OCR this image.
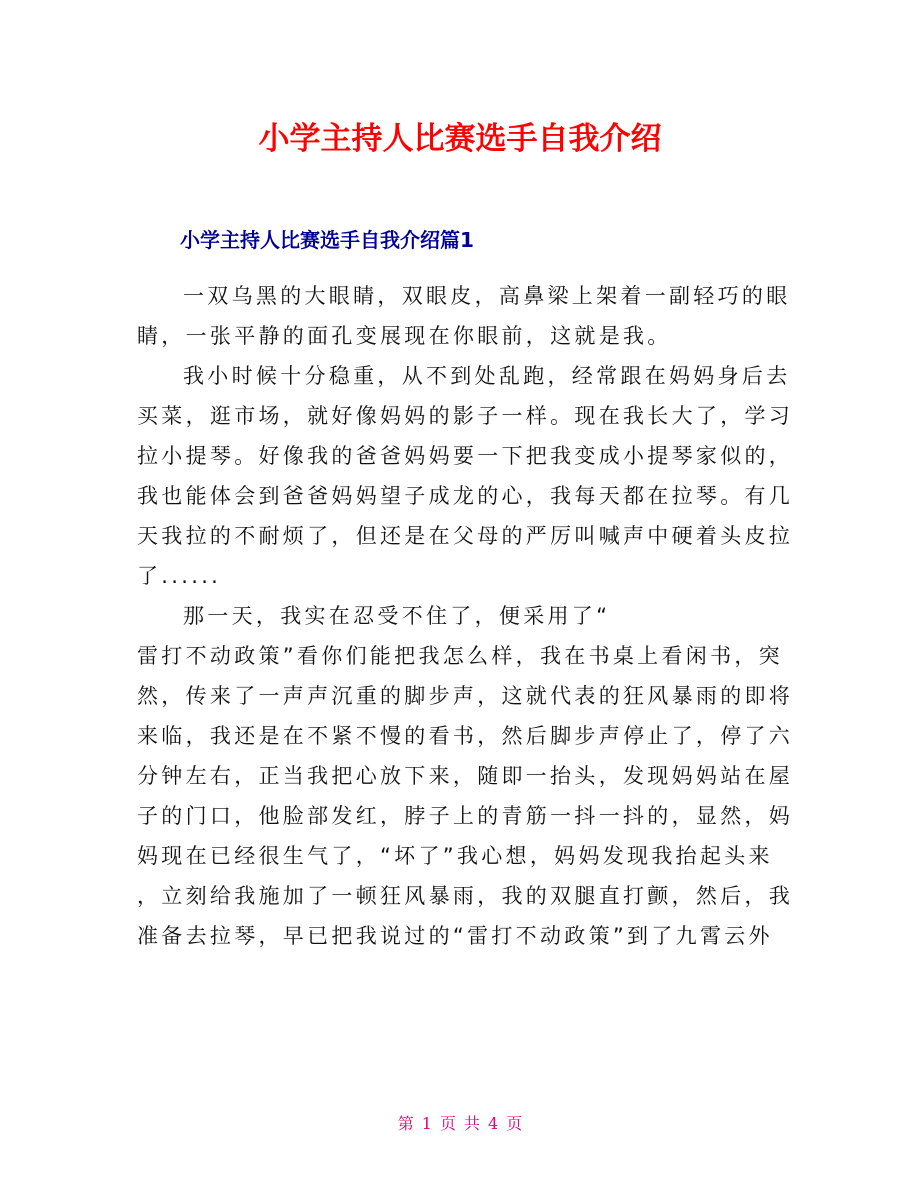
小学主持人比赛选手自我介绍
小学主持人比赛选手自我介绍篇1
一双乌黑的大眼睛，双眼皮，高鼻梁上架着一副轻巧的眼
睛，一张平静的面孔变展现在你眼前，这就是我。
我小时候十分稳重，从不到处乱跑，经常跟在妈妈身后去
买菜，逛市场，就好像妈妈的影子一样。现在我长大了，学习
拉小提琴。好像我的爸爸妈妈要一下把我变成小提琴家似的，
我也能体会到爸爸妈妈望子成龙的心，我每天都在拉琴。有几
天我拉的不耐烦了，但还是在父母的严厉叫喊声中硬着头皮拉
了......
那一天，我实在忍受不住了，便采用了“
雷打不动政策”看你们能把我怎么样，我在书桌上看闲书，突
然，传来了一声声沉重的脚步声，这就代表的狂风暴雨的即将
来临，我还是在不紧不慢的看书，然后脚步声停止了，停了六
分钟左右，正当我把心放下来，随即一抬头，发现妈妈站在屋
子的门口，他脸部发红，脖子上的青筋一抖一抖的，显然，妈
妈现在已经很生气了，“坏了”我心想，妈妈发现我抬起头来
，立刻给我施加了一顿狂风暴雨，我的双腿直打颤，然后，我
准备去拉琴，早已把我说过的“雷打不动政策”到了九霄云外
第 1 页 共 4 页
